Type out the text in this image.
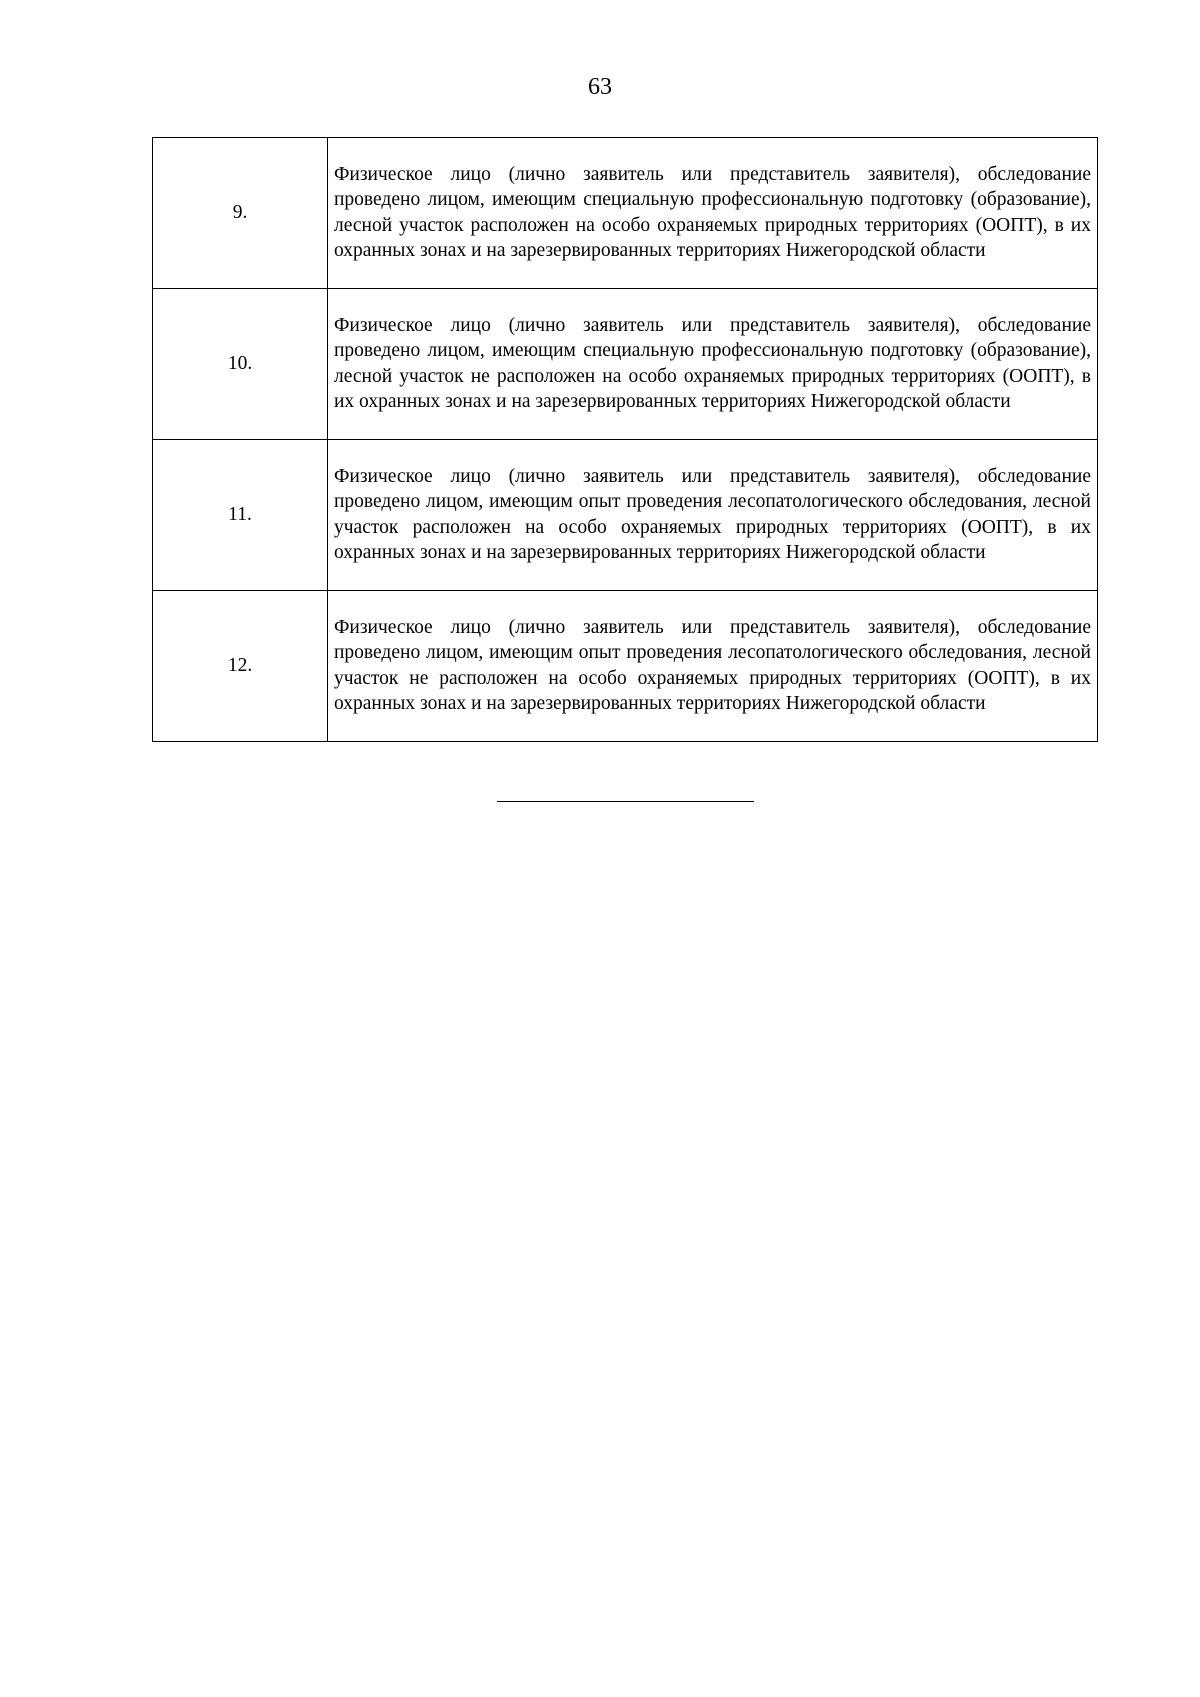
63
9.	Физическое лицо (лично заявитель или представитель заявителя), обследование проведено лицом, имеющим специальную профессиональную подготовку (образование), лесной участок расположен на особо охраняемых природных территориях (ООПТ), в их охранных зонах и на зарезервированных территориях Нижегородской области
10.	Физическое лицо (лично заявитель или представитель заявителя), обследование проведено лицом, имеющим специальную профессиональную подготовку (образование), лесной участок не расположен на особо охраняемых природных территориях (ООПТ), в их охранных зонах и на зарезервированных территориях Нижегородской области
11.	Физическое лицо (лично заявитель или представитель заявителя), обследование проведено лицом, имеющим опыт проведения лесопатологического обследования, лесной участок расположен на особо охраняемых природных территориях (ООПТ), в их охранных зонах и на зарезервированных территориях Нижегородской области
12.	Физическое лицо (лично заявитель или представитель заявителя), обследование проведено лицом, имеющим опыт проведения лесопатологического обследования, лесной участок не расположен на особо охраняемых природных территориях (ООПТ), в их охранных зонах и на зарезервированных территориях Нижегородской области
